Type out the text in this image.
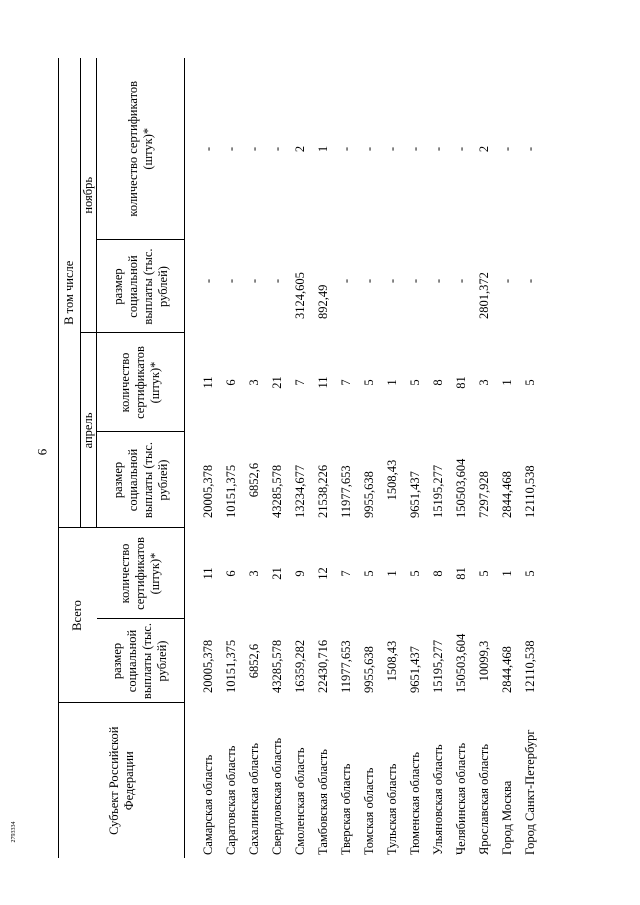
9
2793334	Субъект Российской Федерации	Всего		В том числе			
			апрель		ноябрь	
	размер социальной выплаты (тыс. рублей)	количество сертификатов (штук)*	размер социальной выплаты (тыс. рублей)	количество сертификатов (штук)*	размер социальной выплаты (тыс. рублей)	количество сертификатов (штук)*
Самарская область	20005,378	11	20005,378	11	-	-
Саратовская область	10151,375	6	10151,375	6	-	-
Сахалинская область	6852,6	3	6852,6	3	-	-
Свердловская область	43285,578	21	43285,578	21	-	-
Смоленская область	16359,282	9	13234,677	7	3124,605	2
Тамбовская область	22430,716	12	21538,226	11	892,49	1
Тверская область	11977,653	7	11977,653	7	-	-
Томская область	9955,638	5	9955,638	5	-	-
Тульская область	1508,43	1	1508,43	1	-	-
Тюменская область	9651,437	5	9651,437	5	-	-
Ульяновская область	15195,277	8	15195,277	8	-	-
Челябинская область	150503,604	81	150503,604	81	-	-
Ярославская область	10099,3	5	7297,928	3	2801,372	2
Город Москва	2844,468	1	2844,468	1	-	-
Город Санкт-Петербург	12110,538	5	12110,538	5	-	-
